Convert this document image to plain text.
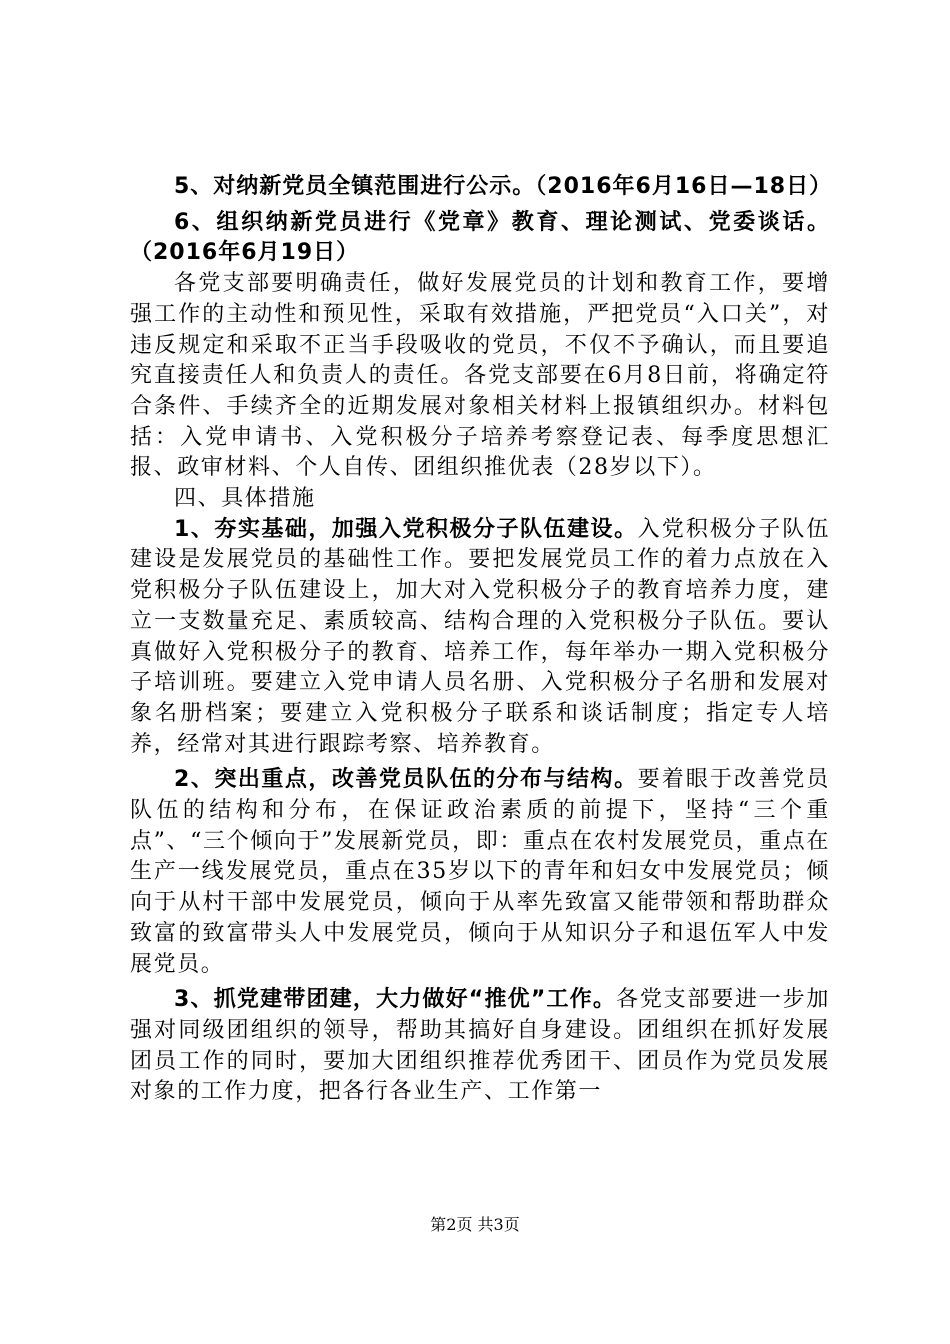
5、对纳新党员全镇范围进行公示。（2016年6月16日—18日）

6、组织纳新党员进行《党章》教育、理论测试、党委谈话。（2016年6月19日）

各党支部要明确责任，做好发展党员的计划和教育工作，要增强工作的主动性和预见性，采取有效措施，严把党员“入口关”，对违反规定和采取不正当手段吸收的党员，不仅不予确认，而且要追究直接责任人和负责人的责任。各党支部要在6月8日前，将确定符合条件、手续齐全的近期发展对象相关材料上报镇组织办。材料包括：入党申请书、入党积极分子培养考察登记表、每季度思想汇报、政审材料、个人自传、团组织推优表（28岁以下）。

四、具体措施

1、夯实基础，加强入党积极分子队伍建设。入党积极分子队伍建设是发展党员的基础性工作。要把发展党员工作的着力点放在入党积极分子队伍建设上，加大对入党积极分子的教育培养力度，建立一支数量充足、素质较高、结构合理的入党积极分子队伍。要认真做好入党积极分子的教育、培养工作，每年举办一期入党积极分子培训班。要建立入党申请人员名册、入党积极分子名册和发展对象名册档案；要建立入党积极分子联系和谈话制度；指定专人培养，经常对其进行跟踪考察、培养教育。

2、突出重点，改善党员队伍的分布与结构。要着眼于改善党员队伍的结构和分布，在保证政治素质的前提下，坚持“三个重点”、“三个倾向于”发展新党员，即：重点在农村发展党员，重点在生产一线发展党员，重点在35岁以下的青年和妇女中发展党员；倾向于从村干部中发展党员，倾向于从率先致富又能带领和帮助群众致富的致富带头人中发展党员，倾向于从知识分子和退伍军人中发展党员。

3、抓党建带团建，大力做好“推优”工作。各党支部要进一步加强对同级团组织的领导，帮助其搞好自身建设。团组织在抓好发展团员工作的同时，要加大团组织推荐优秀团干、团员作为党员发展对象的工作力度，把各行各业生产、工作第一

第2页 共3页
